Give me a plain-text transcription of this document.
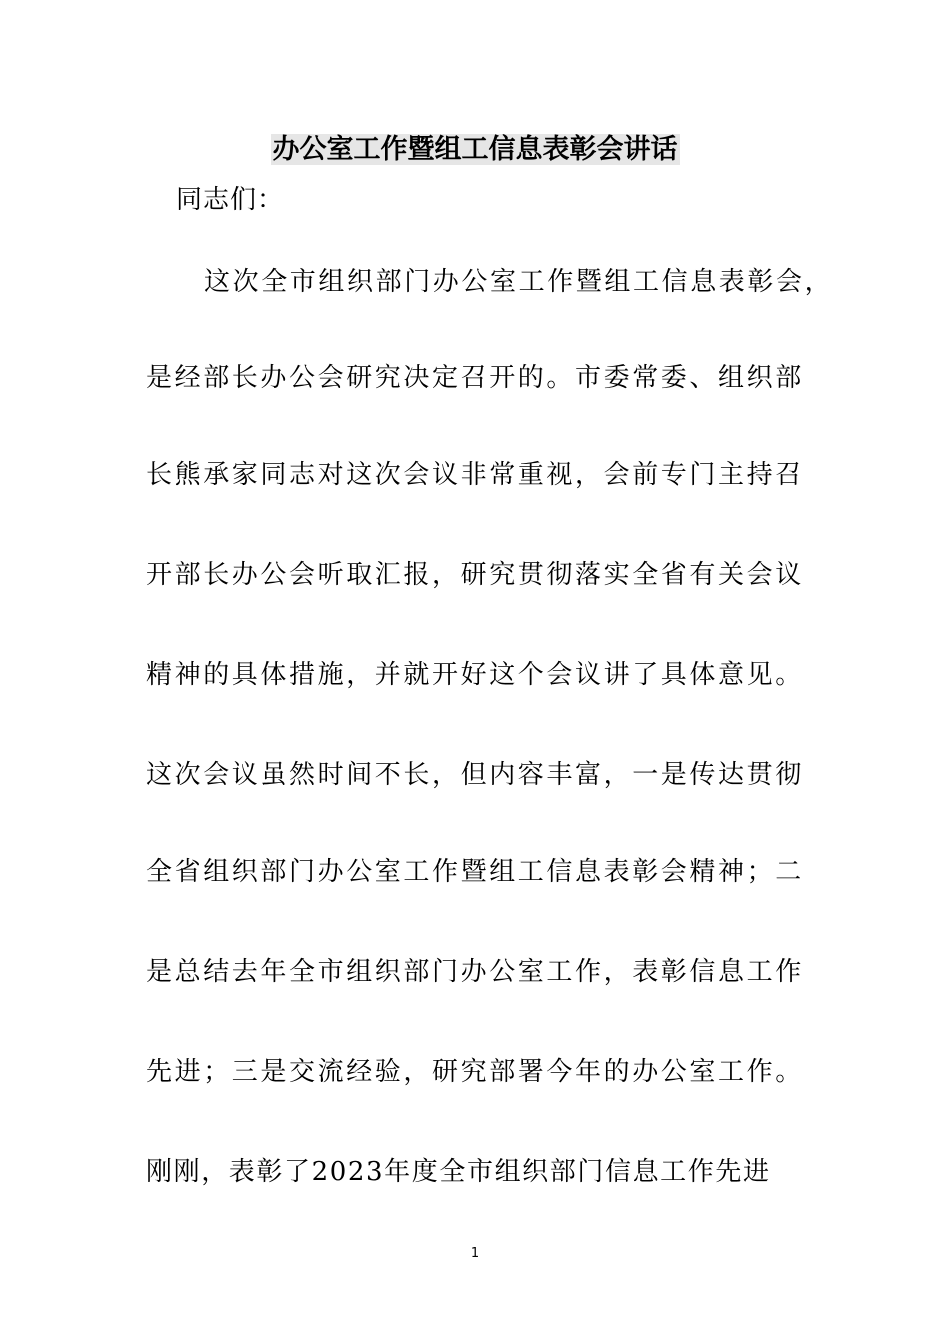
办公室工作暨组工信息表彰会讲话
同志们：
这次全市组织部门办公室工作暨组工信息表彰会，
是经部长办公会研究决定召开的。市委常委、组织部
长熊承家同志对这次会议非常重视，会前专门主持召
开部长办公会听取汇报，研究贯彻落实全省有关会议
精神的具体措施，并就开好这个会议讲了具体意见。
这次会议虽然时间不长，但内容丰富，一是传达贯彻
全省组织部门办公室工作暨组工信息表彰会精神；二
是总结去年全市组织部门办公室工作，表彰信息工作
先进；三是交流经验，研究部署今年的办公室工作。
刚刚，表彰了2023年度全市组织部门信息工作先进
1
